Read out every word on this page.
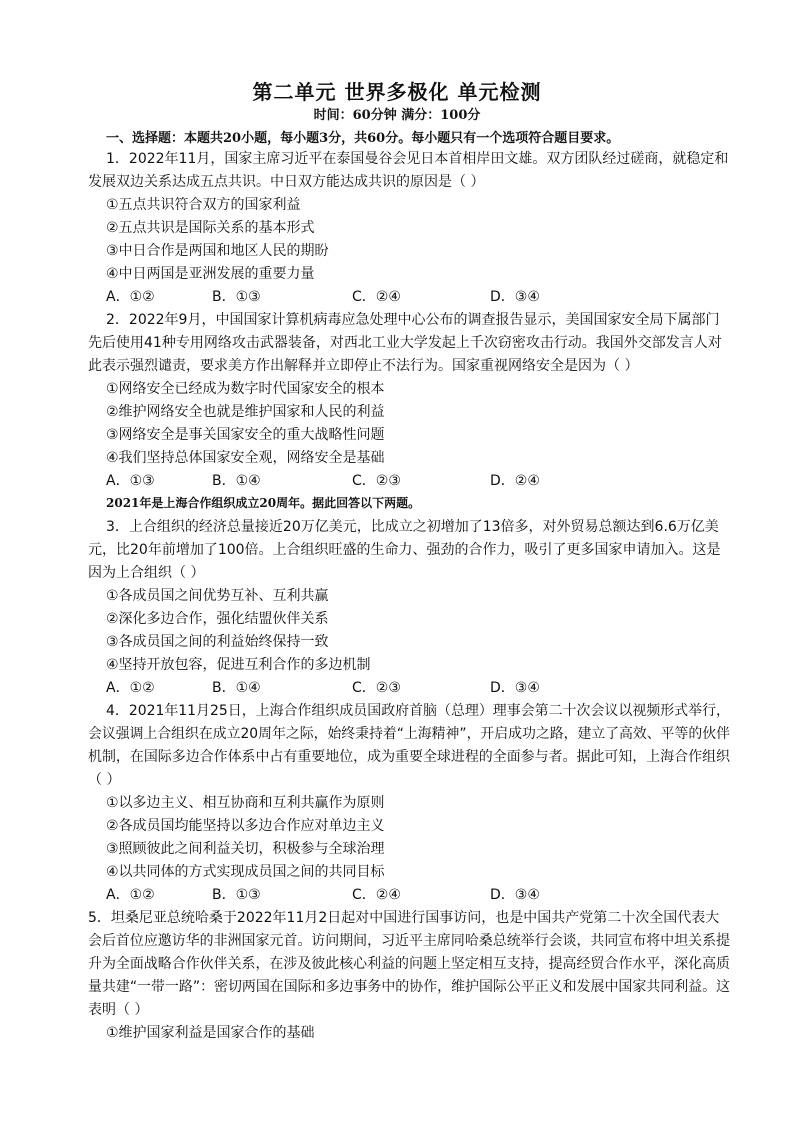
第二单元 世界多极化 单元检测
时间：60分钟 满分：100分
一、选择题：本题共20小题，每小题3分，共60分。每小题只有一个选项符合题目要求。
1．2022年11月，国家主席习近平在泰国曼谷会见日本首相岸田文雄。双方团队经过磋商，就稳定和
发展双边关系达成五点共识。中日双方能达成共识的原因是（ ）
①五点共识符合双方的国家利益
②五点共识是国际关系的基本形式
③中日合作是两国和地区人民的期盼
④中日两国是亚洲发展的重要力量
A．①②	B．①③	C．②④	D．③④
2．2022年9月，中国国家计算机病毒应急处理中心公布的调查报告显示，美国国家安全局下属部门
先后使用41种专用网络攻击武器装备，对西北工业大学发起上千次窃密攻击行动。我国外交部发言人对
此表示强烈谴责，要求美方作出解释并立即停止不法行为。国家重视网络安全是因为（ ）
①网络安全已经成为数字时代国家安全的根本
②维护网络安全也就是维护国家和人民的利益
③网络安全是事关国家安全的重大战略性问题
④我们坚持总体国家安全观，网络安全是基础
A．①③	B．①④	C．②③	D．②④
2021年是上海合作组织成立20周年。据此回答以下两题。
3．上合组织的经济总量接近20万亿美元，比成立之初增加了13倍多，对外贸易总额达到6.6万亿美
元，比20年前增加了100倍。上合组织旺盛的生命力、强劲的合作力，吸引了更多国家申请加入。这是
因为上合组织（ ）
①各成员国之间优势互补、互利共赢
②深化多边合作，强化结盟伙伴关系
③各成员国之间的利益始终保持一致
④坚持开放包容，促进互利合作的多边机制
A．①②	B．①④	C．②③	D．③④
4．2021年11月25日，上海合作组织成员国政府首脑（总理）理事会第二十次会议以视频形式举行，
会议强调上合组织在成立20周年之际，始终秉持着“上海精神”，开启成功之路，建立了高效、平等的伙伴
机制，在国际多边合作体系中占有重要地位，成为重要全球进程的全面参与者。据此可知，上海合作组织
（ ）
①以多边主义、相互协商和互利共赢作为原则
②各成员国均能坚持以多边合作应对单边主义
③照顾彼此之间利益关切，积极参与全球治理
④以共同体的方式实现成员国之间的共同目标
A．①②	B．①③	C．②④	D．③④
5．坦桑尼亚总统哈桑于2022年11月2日起对中国进行国事访问，也是中国共产党第二十次全国代表大
会后首位应邀访华的非洲国家元首。访问期间，习近平主席同哈桑总统举行会谈，共同宣布将中坦关系提
升为全面战略合作伙伴关系，在涉及彼此核心利益的问题上坚定相互支持，提高经贸合作水平，深化高质
量共建“一带一路”：密切两国在国际和多边事务中的协作，维护国际公平正义和发展中国家共同利益。这
表明（ ）
①维护国家利益是国家合作的基础
